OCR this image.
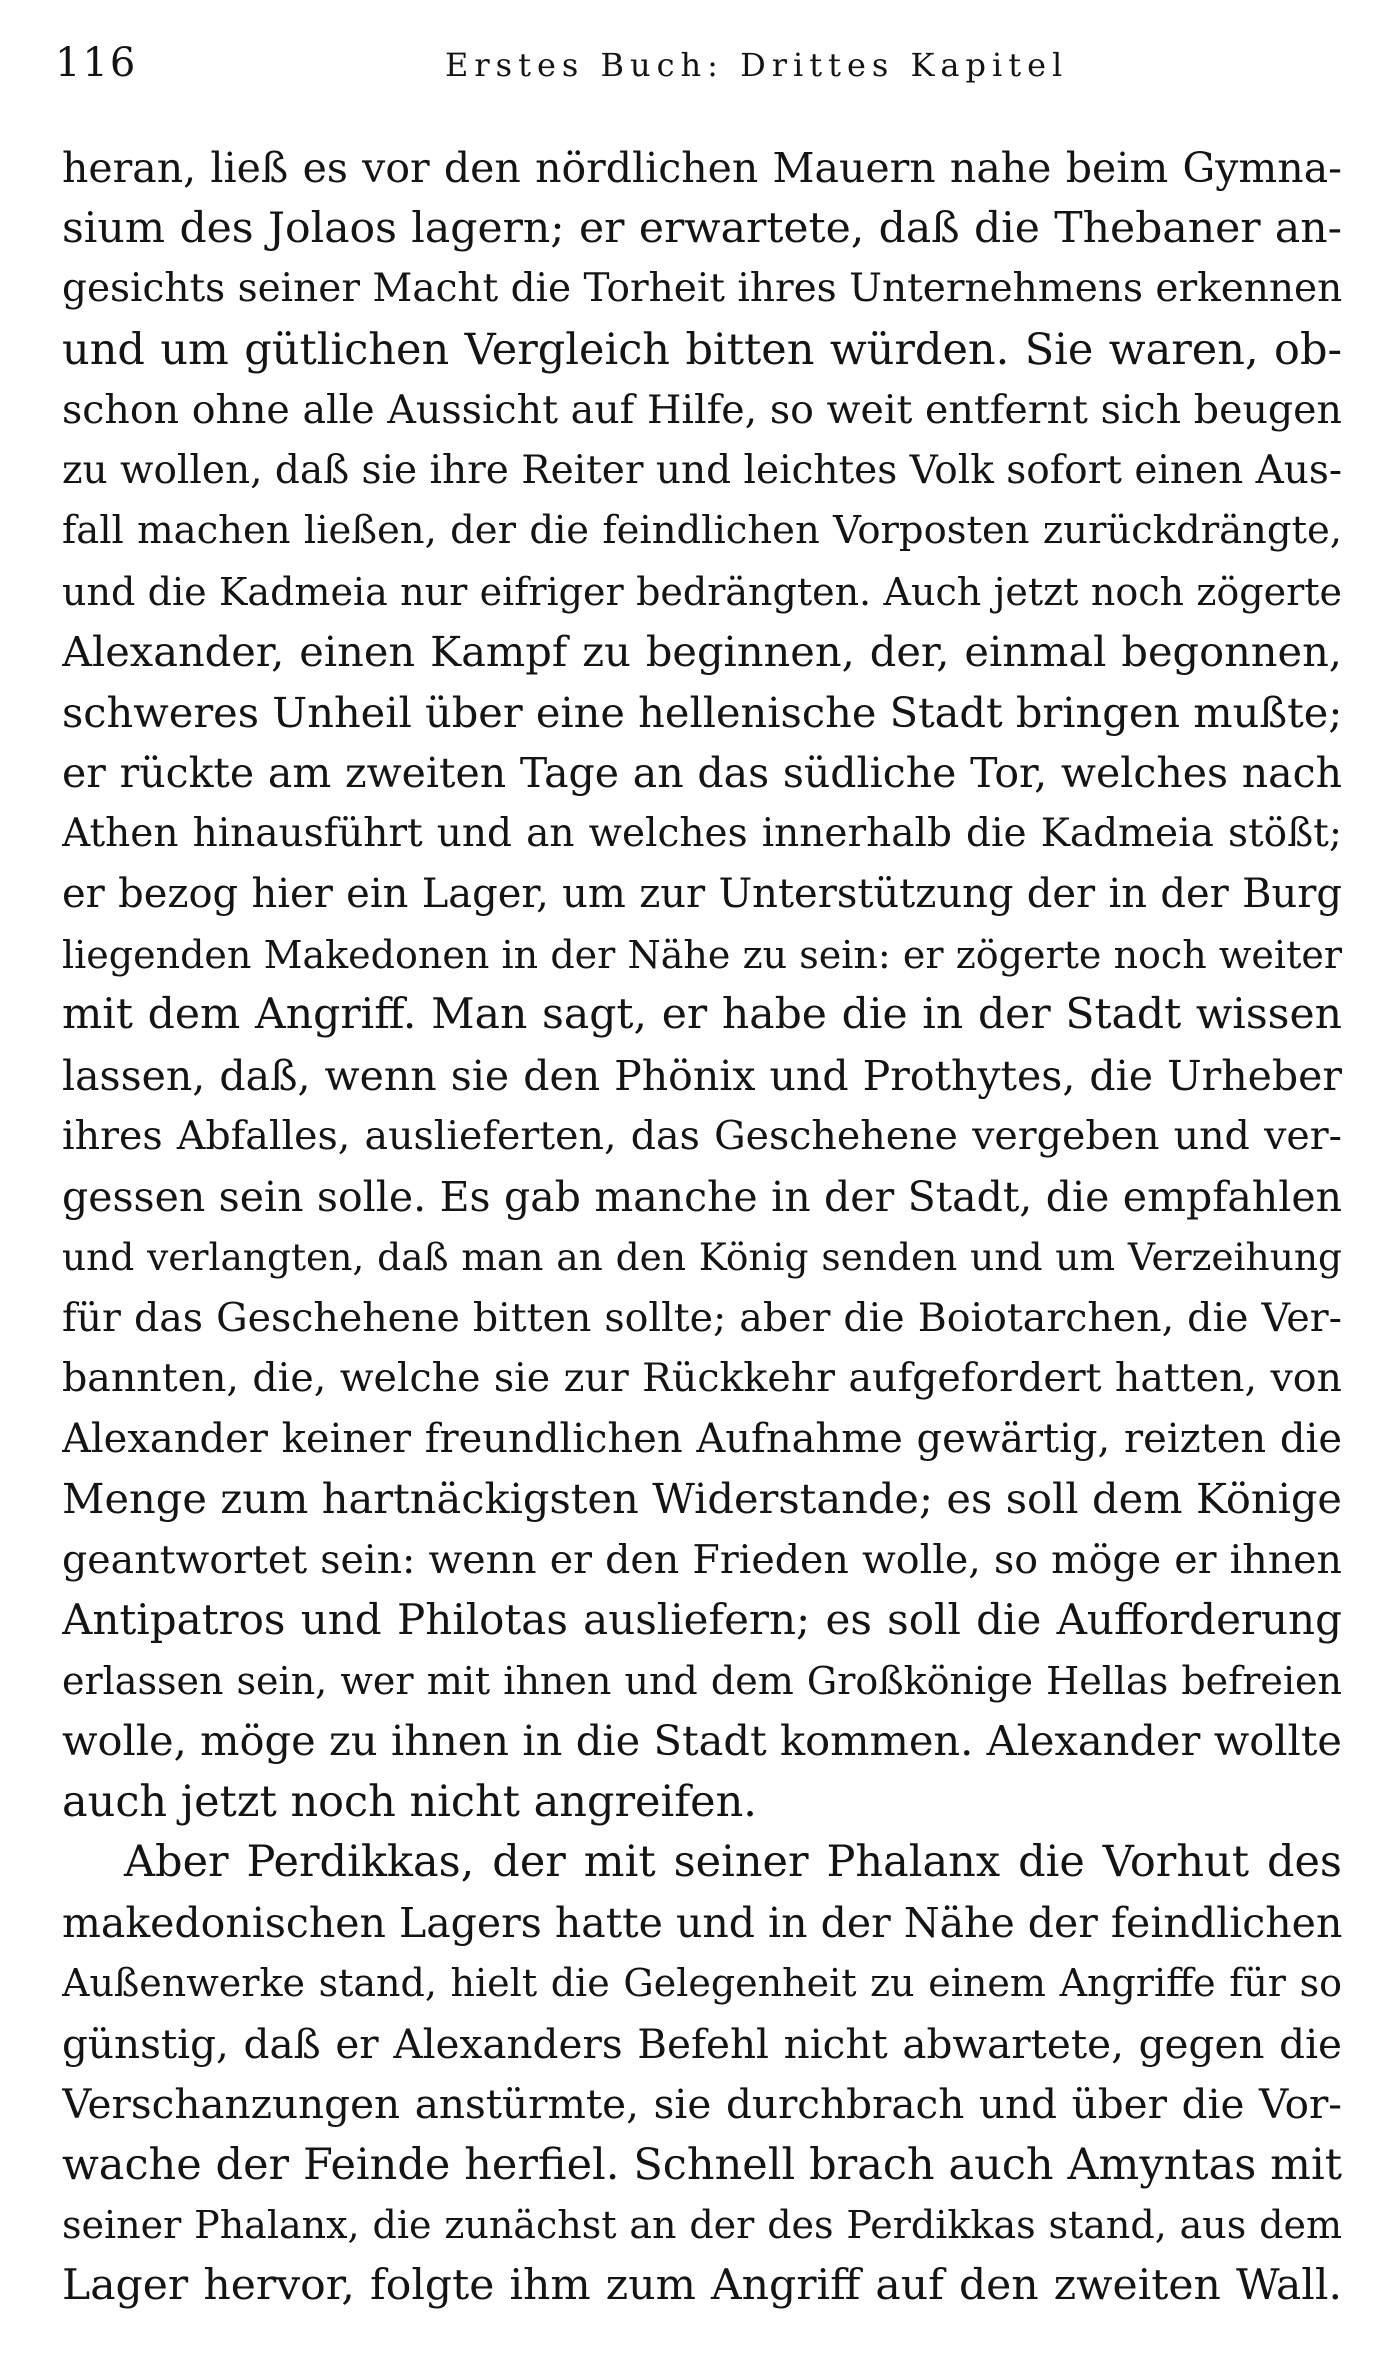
116	Erstes Buch: Drittes Kapitel
heran, ließ es vor den nördlichen Mauern nahe beim Gymna-
sium des Jolaos lagern; er erwartete, daß die Thebaner an-
gesichts seiner Macht die Torheit ihres Unternehmens erkennen
und um gütlichen Vergleich bitten würden. Sie waren, ob-
schon ohne alle Aussicht auf Hilfe, so weit entfernt sich beugen
zu wollen, daß sie ihre Reiter und leichtes Volk sofort einen Aus-
fall machen ließen, der die feindlichen Vorposten zurückdrängte,
und die Kadmeia nur eifriger bedrängten. Auch jetzt noch zögerte
Alexander, einen Kampf zu beginnen, der, einmal begonnen,
schweres Unheil über eine hellenische Stadt bringen mußte;
er rückte am zweiten Tage an das südliche Tor, welches nach
Athen hinausführt und an welches innerhalb die Kadmeia stößt;
er bezog hier ein Lager, um zur Unterstützung der in der Burg
liegenden Makedonen in der Nähe zu sein: er zögerte noch weiter
mit dem Angriff. Man sagt, er habe die in der Stadt wissen
lassen, daß, wenn sie den Phönix und Prothytes, die Urheber
ihres Abfalles, auslieferten, das Geschehene vergeben und ver-
gessen sein solle. Es gab manche in der Stadt, die empfahlen
und verlangten, daß man an den König senden und um Verzeihung
für das Geschehene bitten sollte; aber die Boiotarchen, die Ver-
bannten, die, welche sie zur Rückkehr aufgefordert hatten, von
Alexander keiner freundlichen Aufnahme gewärtig, reizten die
Menge zum hartnäckigsten Widerstande; es soll dem Könige
geantwortet sein: wenn er den Frieden wolle, so möge er ihnen
Antipatros und Philotas ausliefern; es soll die Aufforderung
erlassen sein, wer mit ihnen und dem Großkönige Hellas befreien
wolle, möge zu ihnen in die Stadt kommen. Alexander wollte
auch jetzt noch nicht angreifen.
Aber Perdikkas, der mit seiner Phalanx die Vorhut des
makedonischen Lagers hatte und in der Nähe der feindlichen
Außenwerke stand, hielt die Gelegenheit zu einem Angriffe für so
günstig, daß er Alexanders Befehl nicht abwartete, gegen die
Verschanzungen anstürmte, sie durchbrach und über die Vor-
wache der Feinde herfiel. Schnell brach auch Amyntas mit
seiner Phalanx, die zunächst an der des Perdikkas stand, aus dem
Lager hervor, folgte ihm zum Angriff auf den zweiten Wall.
